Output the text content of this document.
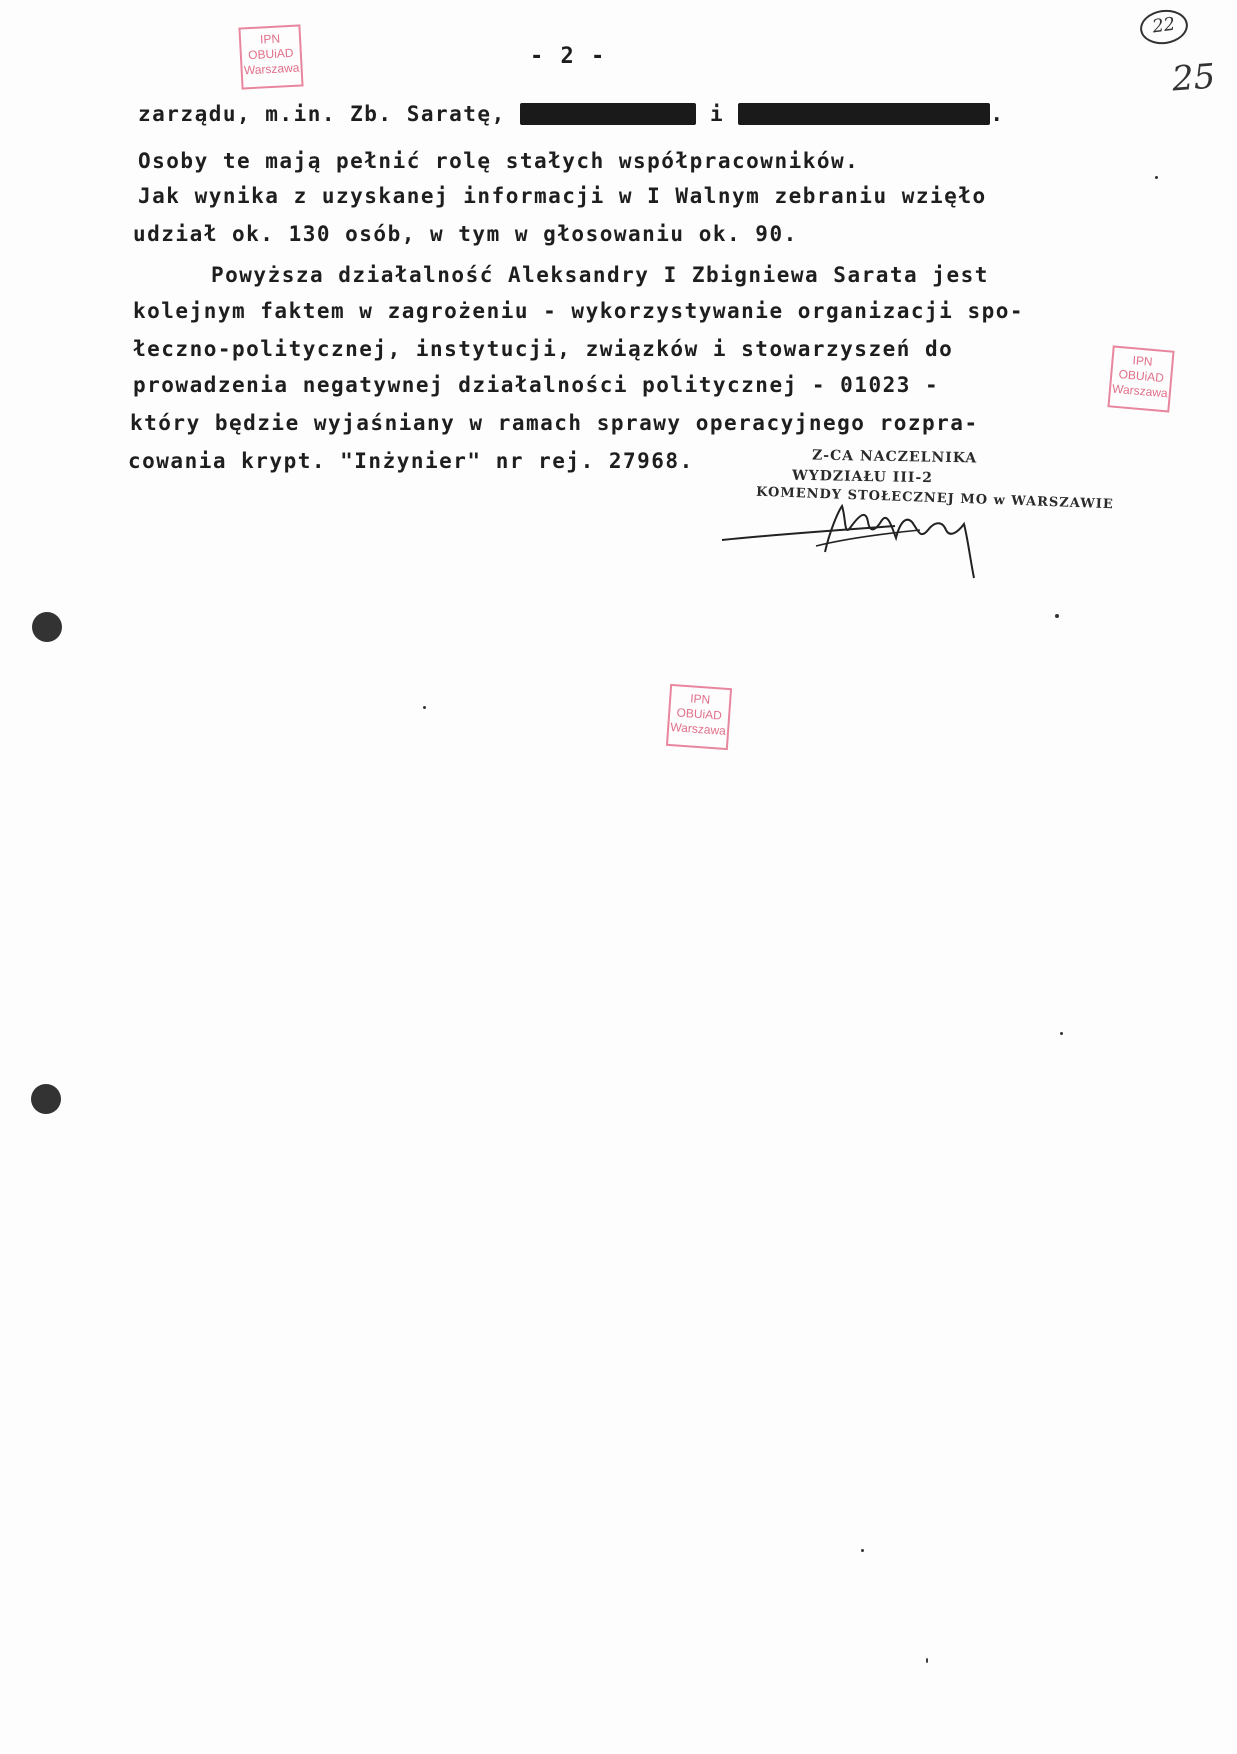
- 2 -
22
25
IPN
OBUiAD
Warszawa
IPN
OBUiAD
Warszawa
IPN
OBUiAD
Warszawa
zarządu, m.in. Zb. Saratę,	i	.
Osoby te mają pełnić rolę stałych współpracowników.
Jak wynika z uzyskanej informacji w I Walnym zebraniu wzięło
udział ok. 130 osób, w tym w głosowaniu ok. 90.
Powyższa działalność Aleksandry I Zbigniewa Sarata jest
kolejnym faktem w zagrożeniu - wykorzystywanie organizacji spo-
łeczno-politycznej, instytucji, związków i stowarzyszeń do
prowadzenia negatywnej działalności politycznej - 01023 -
który będzie wyjaśniany w ramach sprawy operacyjnego rozpra-
cowania krypt. "Inżynier" nr rej. 27968.	Z-CA NACZELNIKA
WYDZIAŁU III-2
KOMENDY STOŁECZNEJ MO w WARSZAWIE
